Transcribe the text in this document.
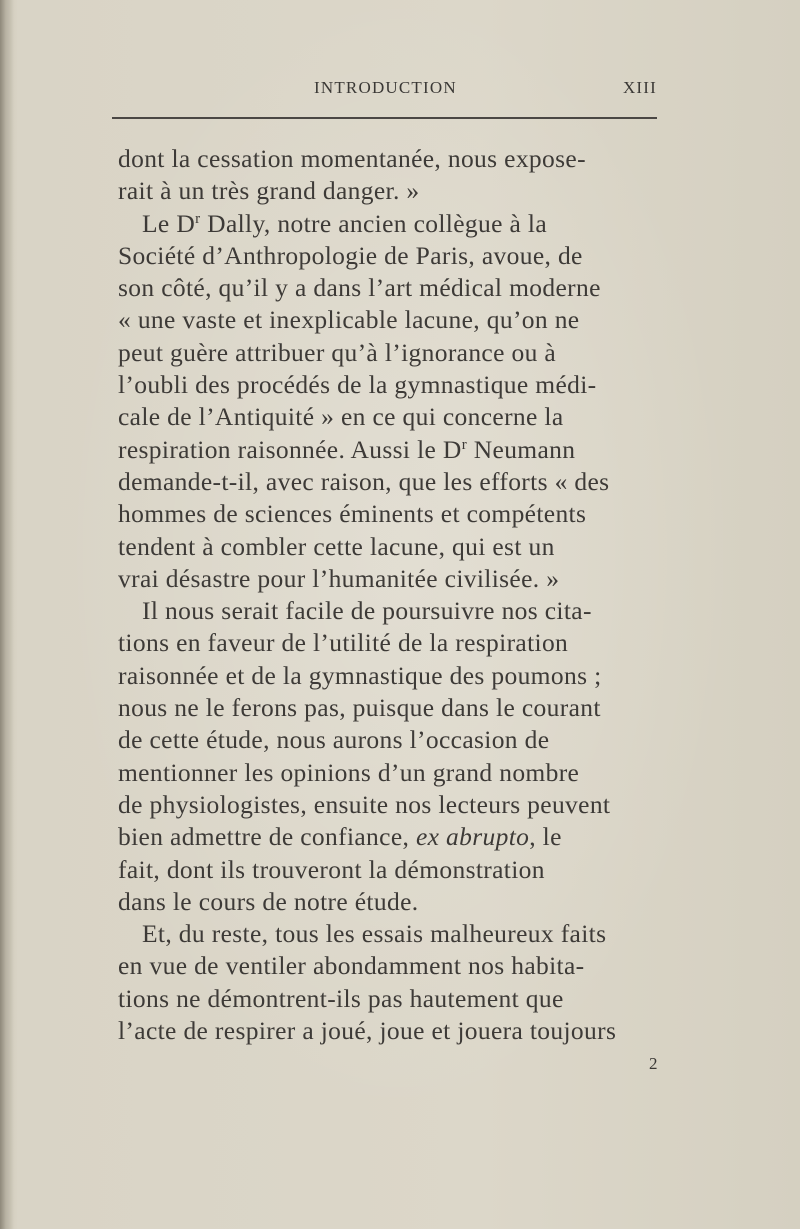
INTRODUCTION	XIII
dont la cessation momentanée, nous expose-
rait à un très grand danger. »
Le $D^r$ Dally, notre ancien collègue à la
Société d’Anthropologie de Paris, avoue, de
son côté, qu’il y a dans l’art médical moderne
« une vaste et inexplicable lacune, qu’on ne
peut guère attribuer qu’à l’ignorance ou à
l’oubli des procédés de la gymnastique médi-
cale de l’Antiquité » en ce qui concerne la
respiration raisonnée. Aussi le $D^r$ Neumann
demande-t-il, avec raison, que les efforts « des
hommes de sciences éminents et compétents
tendent à combler cette lacune, qui est un
vrai désastre pour l’humanitée civilisée. »
Il nous serait facile de poursuivre nos cita-
tions en faveur de l’utilité de la respiration
raisonnée et de la gymnastique des poumons ;
nous ne le ferons pas, puisque dans le courant
de cette étude, nous aurons l’occasion de
mentionner les opinions d’un grand nombre
de physiologistes, ensuite nos lecteurs peuvent
bien admettre de confiance, ex abrupto, le
fait, dont ils trouveront la démonstration
dans le cours de notre étude.
Et, du reste, tous les essais malheureux faits
en vue de ventiler abondamment nos habita-
tions ne démontrent-ils pas hautement que
l’acte de respirer a joué, joue et jouera toujours
2
